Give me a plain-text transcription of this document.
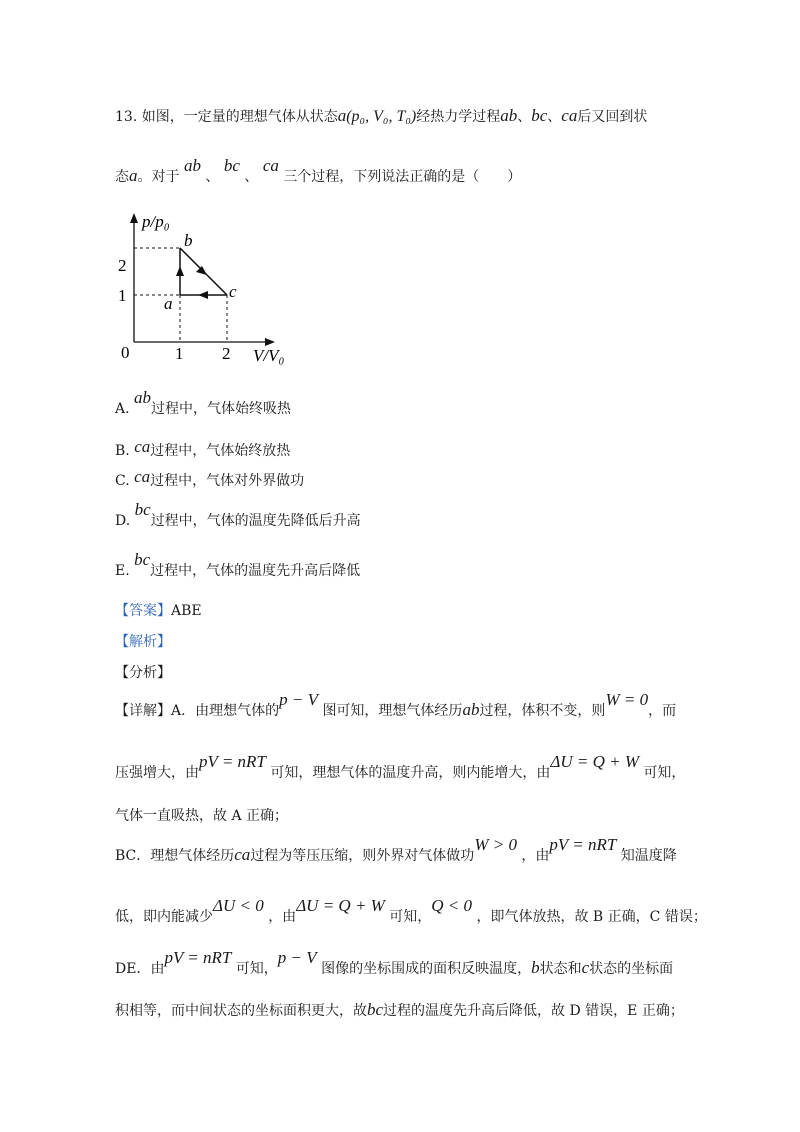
13. 如图，一定量的理想气体从状态a(p₀, V₀, T₀)经热力学过程ab、bc、ca后又回到状
态a。对于 ab 、 bc 、 ca 三个过程，下列说法正确的是（　　）
p/p₀
V/V₀
0	1 2
1
2
a
b
c
A. ab过程中，气体始终吸热
B. ca过程中，气体始终放热
C. ca过程中，气体对外界做功
D. bc过程中，气体的温度先降低后升高
E. bc过程中，气体的温度先升高后降低
【答案】ABE
【解析】
【分析】
【详解】A．由理想气体的p − V 图可知，理想气体经历ab过程，体积不变，则W = 0，而
压强增大，由pV = nRT 可知，理想气体的温度升高，则内能增大，由ΔU = Q + W 可知，
气体一直吸热，故 A 正确；
BC．理想气体经历ca过程为等压压缩，则外界对气体做功W > 0 ，由pV = nRT 知温度降
低，即内能减少ΔU < 0 ，由ΔU = Q + W 可知，Q < 0 ，即气体放热，故 B 正确，C 错误；
DE．由pV = nRT 可知，p − V 图像的坐标围成的面积反映温度，b状态和c状态的坐标面
积相等，而中间状态的坐标面积更大，故bc过程的温度先升高后降低，故 D 错误，E 正确；
